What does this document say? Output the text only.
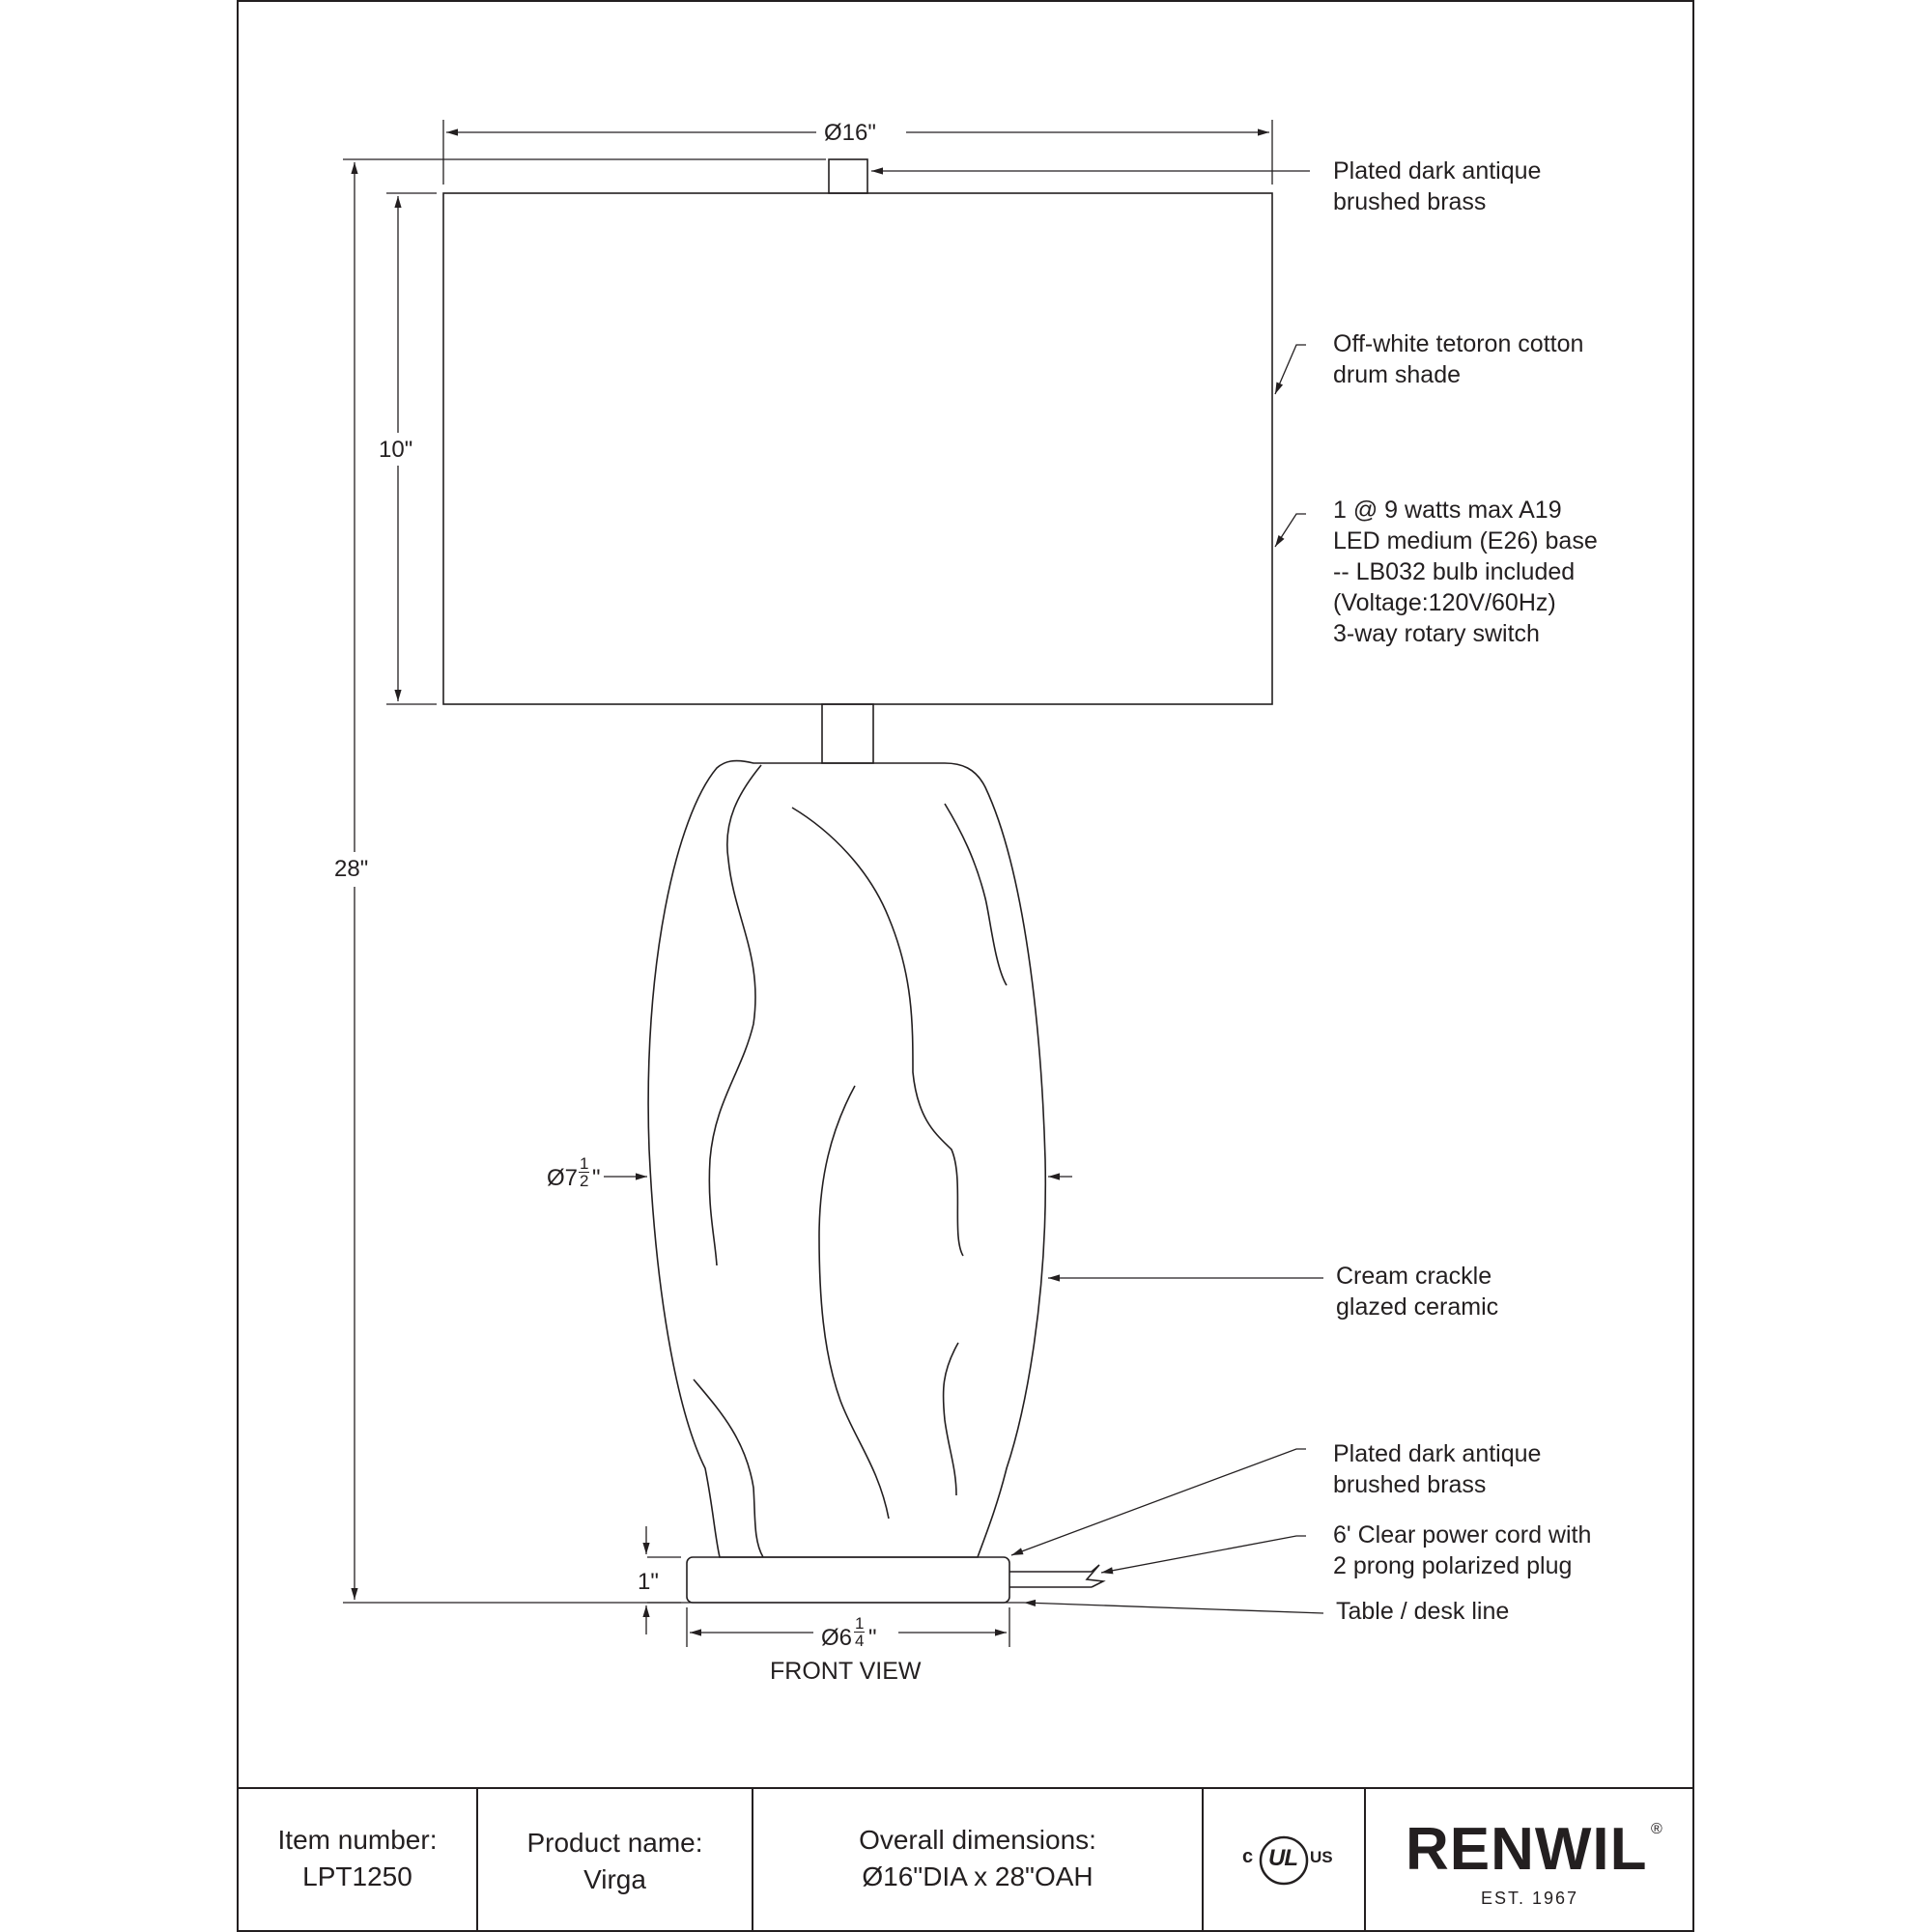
Ø16"
10"
28"
Ø7 $\frac{1}{2}$ "
1"
Ø6 $\frac{1}{4}$ "
FRONT VIEW
Plated dark antique
brushed brass
Off-white tetoron cotton
drum shade
1 @ 9 watts max A19
LED medium (E26) base
-- LB032 bulb included
(Voltage:120V/60Hz)
3-way rotary switch
Cream crackle
glazed ceramic
Plated dark antique
brushed brass
6' Clear power cord with
2 prong polarized plug
Table / desk line
Item number:
LPT1250
Product name:
Virga
Overall dimensions:
Ø16"DIA x 28"OAH
c UL US RENWIL ®
EST. 1967
